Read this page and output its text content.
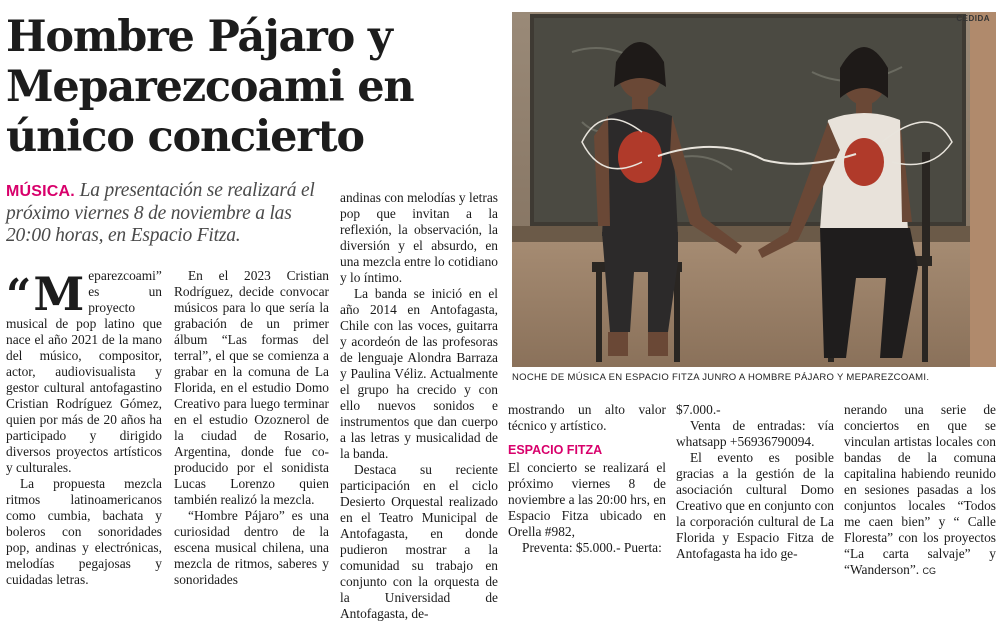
Hombre Pájaro y
Meparezcoami en
único concierto
MÚSICA. La presentación se realizará el próximo viernes 8 de noviembre a las 20:00 horas, en Espacio Fitza.

“M eparezcoami” es un proyecto musical de pop latino que nace el año 2021 de la mano del músico, compositor, actor, audiovisualista y gestor cultural antofagastino Cristian Rodríguez Gómez, quien por más de 20 años ha participado y dirigido diversos proyectos artísticos y culturales.

La propuesta mezcla ritmos latinoamericanos como cumbia, bachata y boleros con sonoridades pop, andinas y electrónicas, melodías pegajosas y cuidadas letras.

En el 2023 Cristian Rodríguez, decide convocar músicos para lo que sería la grabación de un primer álbum “Las formas del terral”, el que se comienza a grabar en la comuna de La Florida, en el estudio Domo Creativo para luego terminar en el estudio Ozoznerol de la ciudad de Rosario, Argentina, donde fue co-producido por el sonidista Lucas Lorenzo quien también realizó la mezcla.

“Hombre Pájaro” es una curiosidad dentro de la escena musical chilena, una mezcla de ritmos, saberes y sonoridades

andinas con melodías y letras pop que invitan a la reflexión, la observación, la diversión y el absurdo, en una mezcla entre lo cotidiano y lo íntimo.

La banda se inició en el año 2014 en Antofagasta, Chile con las voces, guitarra y acordeón de las profesoras de lenguaje Alondra Barraza y Paulina Véliz. Actualmente el grupo ha crecido y con ello nuevos sonidos e instrumentos que dan cuerpo a las letras y musicalidad de la banda.

Destaca su reciente participación en el ciclo Desierto Orquestal realizado en el Teatro Municipal de Antofagasta, en donde pudieron mostrar a la comunidad su trabajo en conjunto con la orquesta de la Universidad de Antofagasta, de-

CEDIDA
NOCHE DE MÚSICA EN ESPACIO FITZA JUNRO A HOMBRE PÁJARO Y MEPAREZCOAMI.

mostrando un alto valor técnico y artístico.

ESPACIO FITZA

El concierto se realizará el próximo viernes 8 de noviembre a las 20:00 hrs, en Espacio Fitza ubicado en Orella #982,

Preventa: $5.000.- Puerta:

$7.000.-

Venta de entradas: vía whatsapp +56936790094.

El evento es posible gracias a la gestión de la asociación cultural Domo Creativo que en conjunto con la corporación cultural de La Florida y Espacio Fitza de Antofagasta ha ido ge-

nerando una serie de conciertos en que se vinculan artistas locales con bandas de la comuna capitalina habiendo reunido en sesiones pasadas a los conjuntos locales “Todos me caen bien” y “ Calle Floresta” con los proyectos “La carta salvaje” y “Wanderson”. CG
